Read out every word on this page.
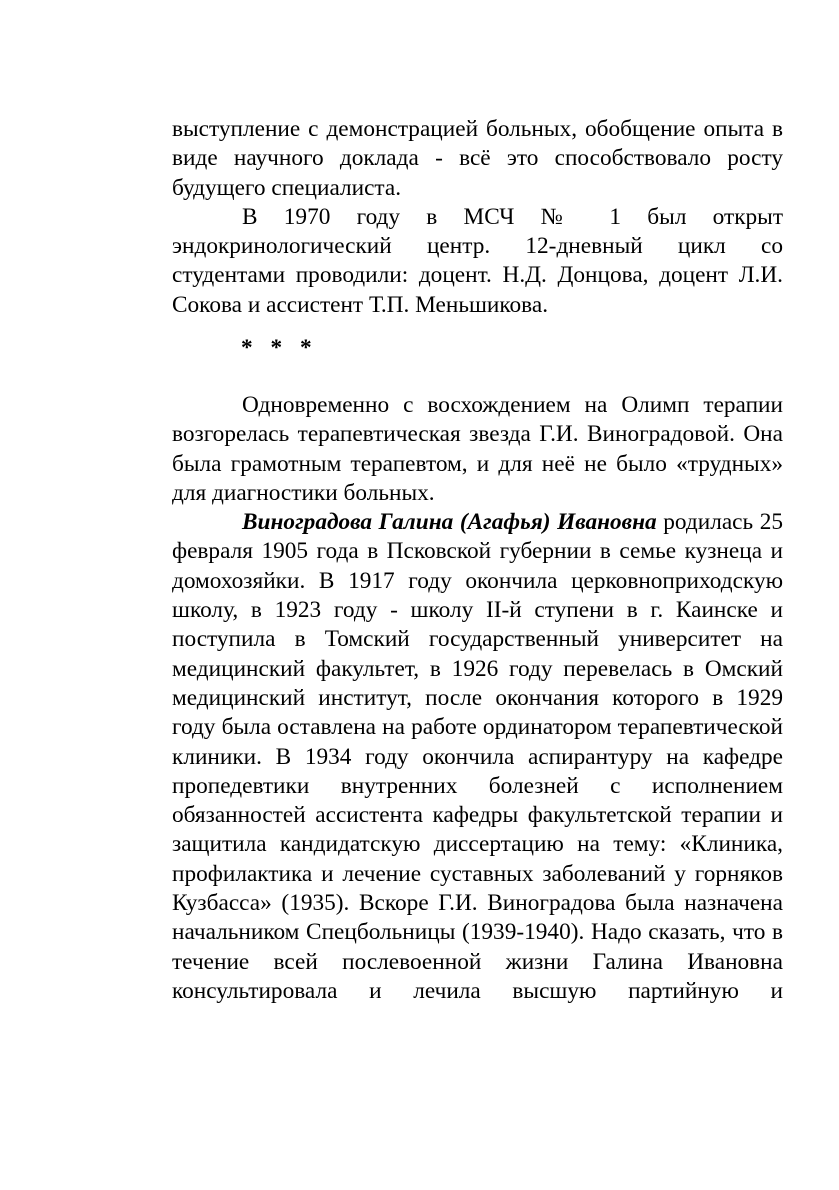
выступление с демонстрацией больных, обобщение опыта в виде научного доклада - всё это способствовало росту будущего специалиста.

В 1970 году в МСЧ № 1 был открыт эндокринологический центр. 12-дневный цикл со студентами проводили: доцент. Н.Д. Донцова, доцент Л.И. Сокова и ассистент Т.П. Меньшикова.

* * *

Одновременно с восхождением на Олимп терапии возгорелась терапевтическая звезда Г.И. Виноградовой. Она была грамотным терапевтом, и для неё не было «трудных» для диагностики больных.

Виноградова Галина (Агафья) Ивановна родилась 25 февраля 1905 года в Псковской губернии в семье кузнеца и домохозяйки. В 1917 году окончила церковноприходскую школу, в 1923 году - школу II-й ступени в г. Каинске и поступила в Томский государственный университет на медицинский факультет, в 1926 году перевелась в Омский медицинский институт, после окончания которого в 1929 году была оставлена на работе ординатором терапевтической клиники. В 1934 году окончила аспирантуру на кафедре пропедевтики внутренних болезней с исполнением обязанностей ассистента кафедры факультетской терапии и защитила кандидатскую диссертацию на тему: «Клиника, профилактика и лечение суставных заболеваний у горняков Кузбасса» (1935). Вскоре Г.И. Виноградова была назначена начальником Спецбольницы (1939-1940). Надо сказать, что в течение всей послевоенной жизни Галина Ивановна консультировала и лечила высшую партийную и
